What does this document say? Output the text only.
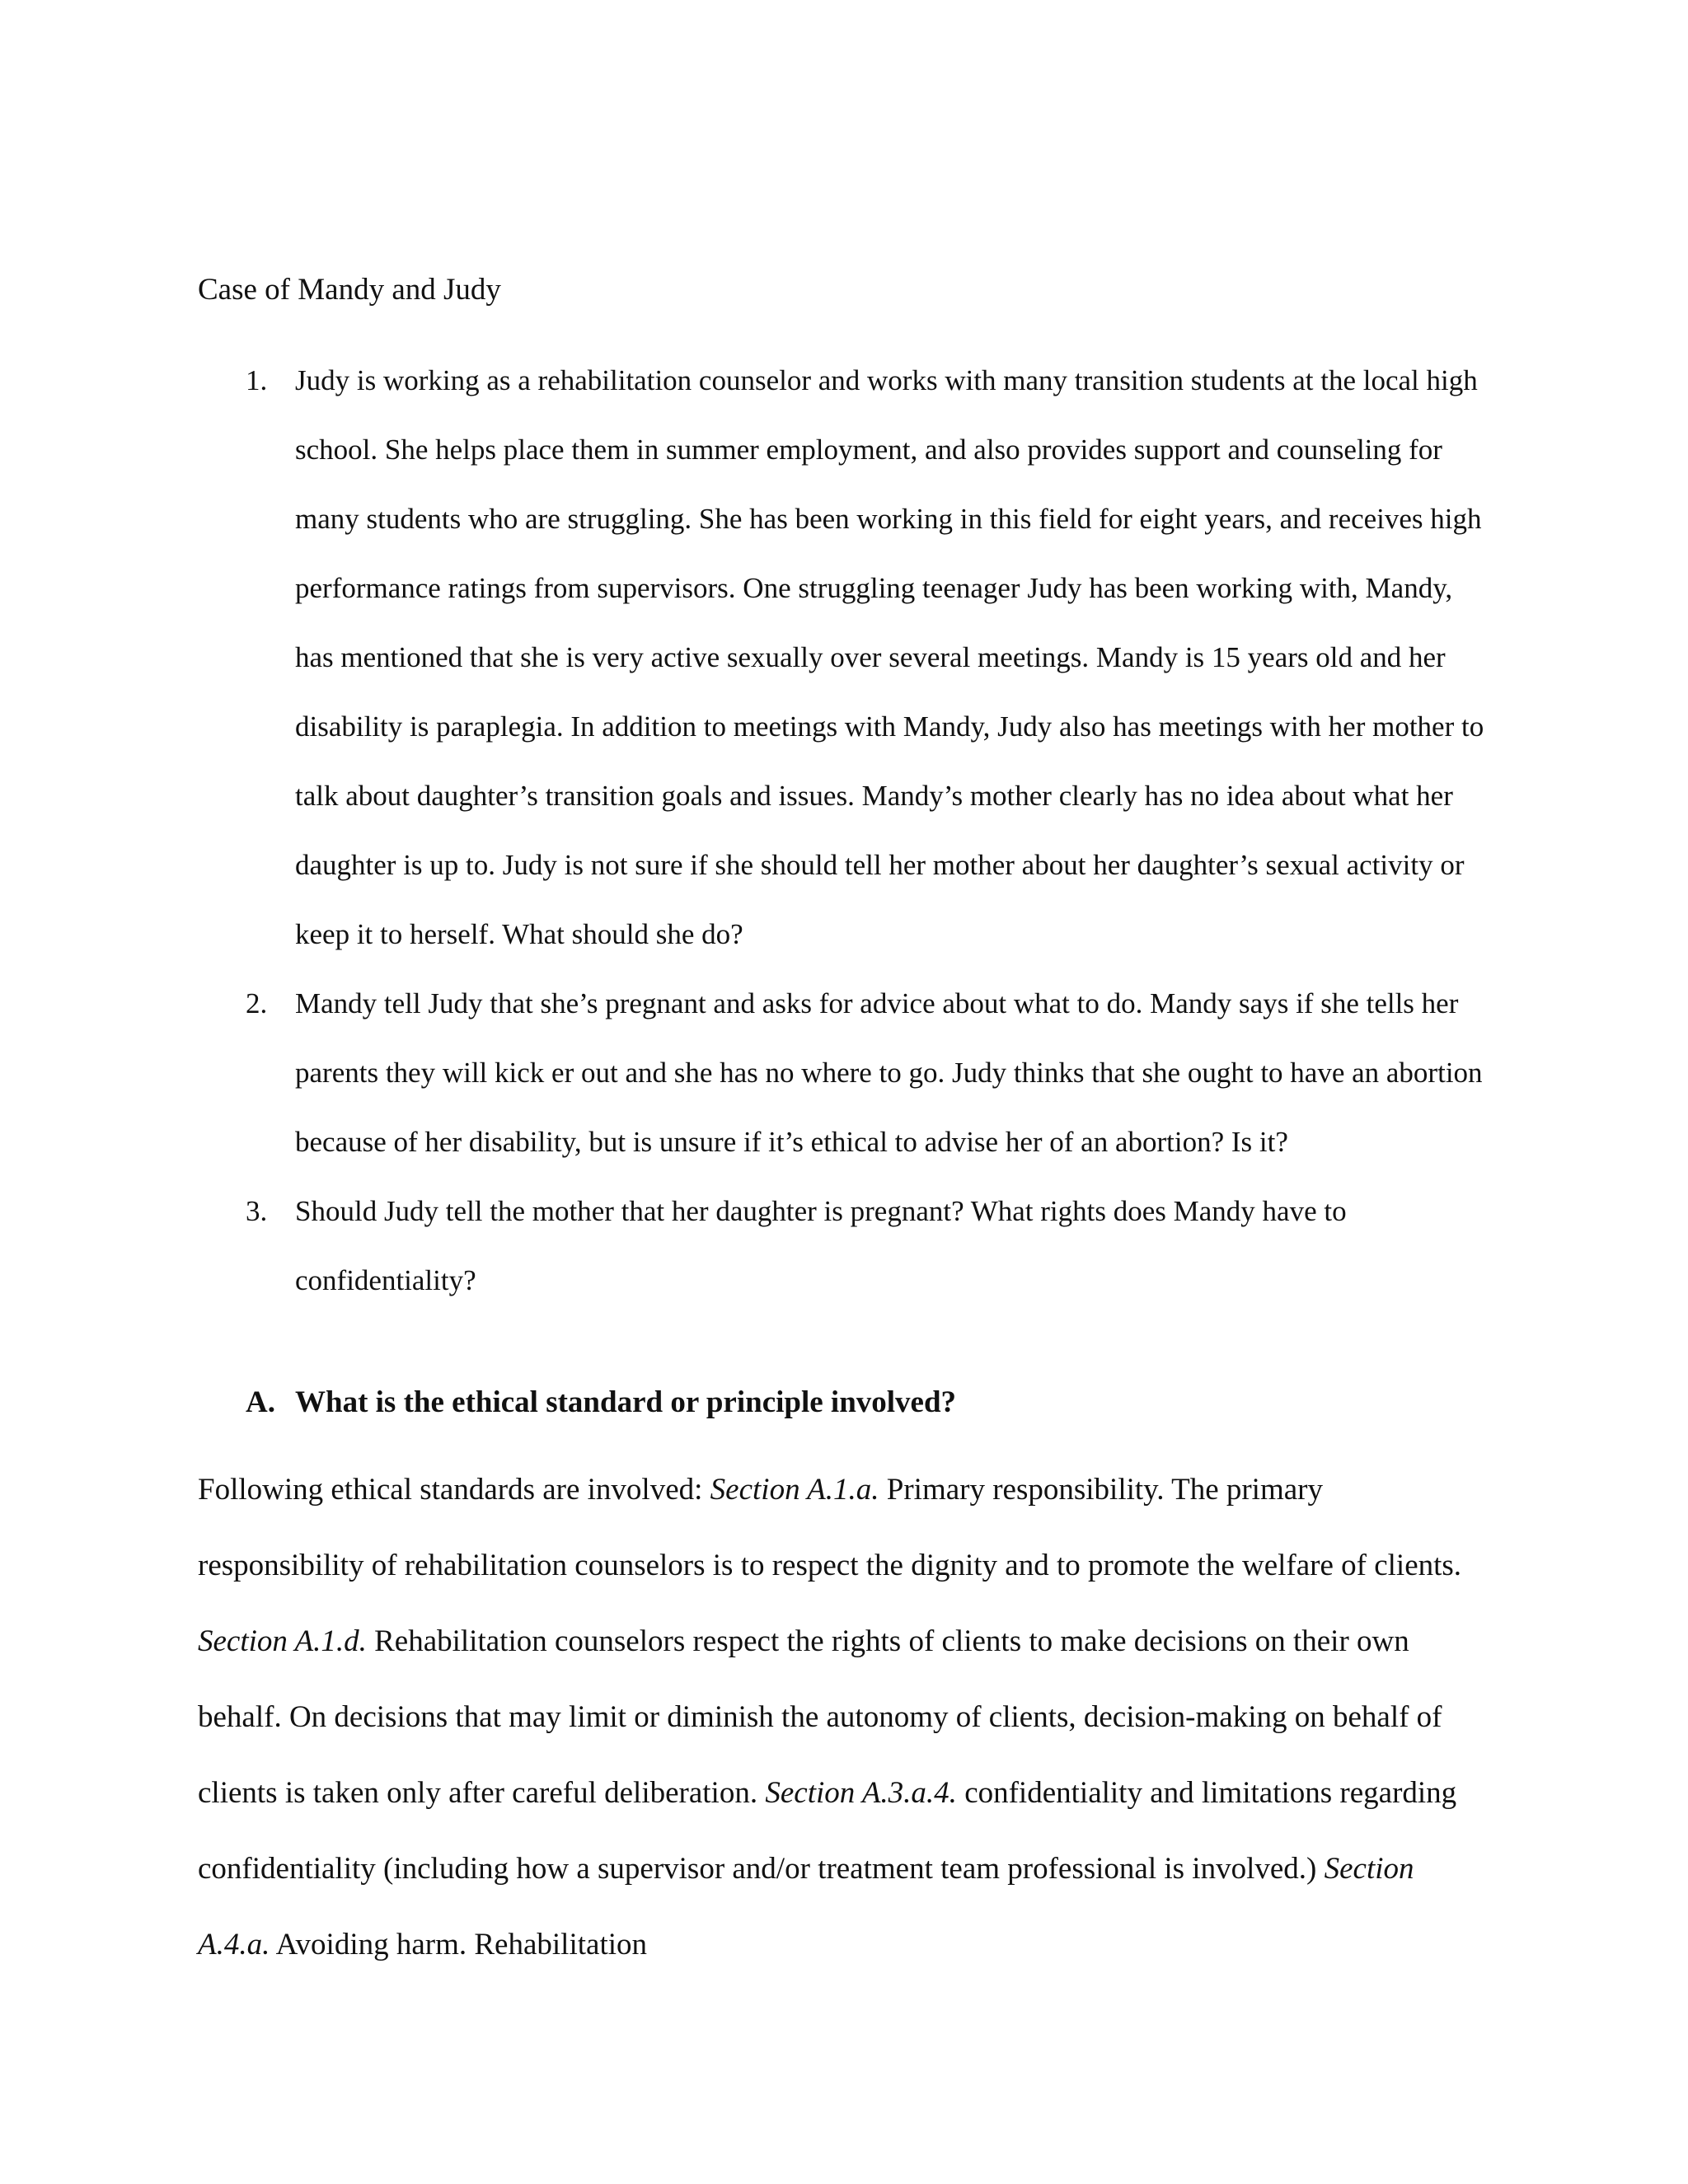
Case of Mandy and Judy
1. Judy is working as a rehabilitation counselor and works with many transition students at the local high school. She helps place them in summer employment, and also provides support and counseling for many students who are struggling. She has been working in this field for eight years, and receives high performance ratings from supervisors. One struggling teenager Judy has been working with, Mandy, has mentioned that she is very active sexually over several meetings. Mandy is 15 years old and her disability is paraplegia. In addition to meetings with Mandy, Judy also has meetings with her mother to talk about daughter’s transition goals and issues. Mandy’s mother clearly has no idea about what her daughter is up to. Judy is not sure if she should tell her mother about her daughter’s sexual activity or keep it to herself. What should she do?
2. Mandy tell Judy that she’s pregnant and asks for advice about what to do. Mandy says if she tells her parents they will kick er out and she has no where to go. Judy thinks that she ought to have an abortion because of her disability, but is unsure if it’s ethical to advise her of an abortion? Is it?
3. Should Judy tell the mother that her daughter is pregnant? What rights does Mandy have to confidentiality?
A. What is the ethical standard or principle involved?

Following ethical standards are involved: Section A.1.a. Primary responsibility. The primary responsibility of rehabilitation counselors is to respect the dignity and to promote the welfare of clients. Section A.1.d. Rehabilitation counselors respect the rights of clients to make decisions on their own behalf. On decisions that may limit or diminish the autonomy of clients, decision-making on behalf of clients is taken only after careful deliberation. Section A.3.a.4. confidentiality and limitations regarding confidentiality (including how a supervisor and/or treatment team professional is involved.) Section A.4.a. Avoiding harm. Rehabilitation
